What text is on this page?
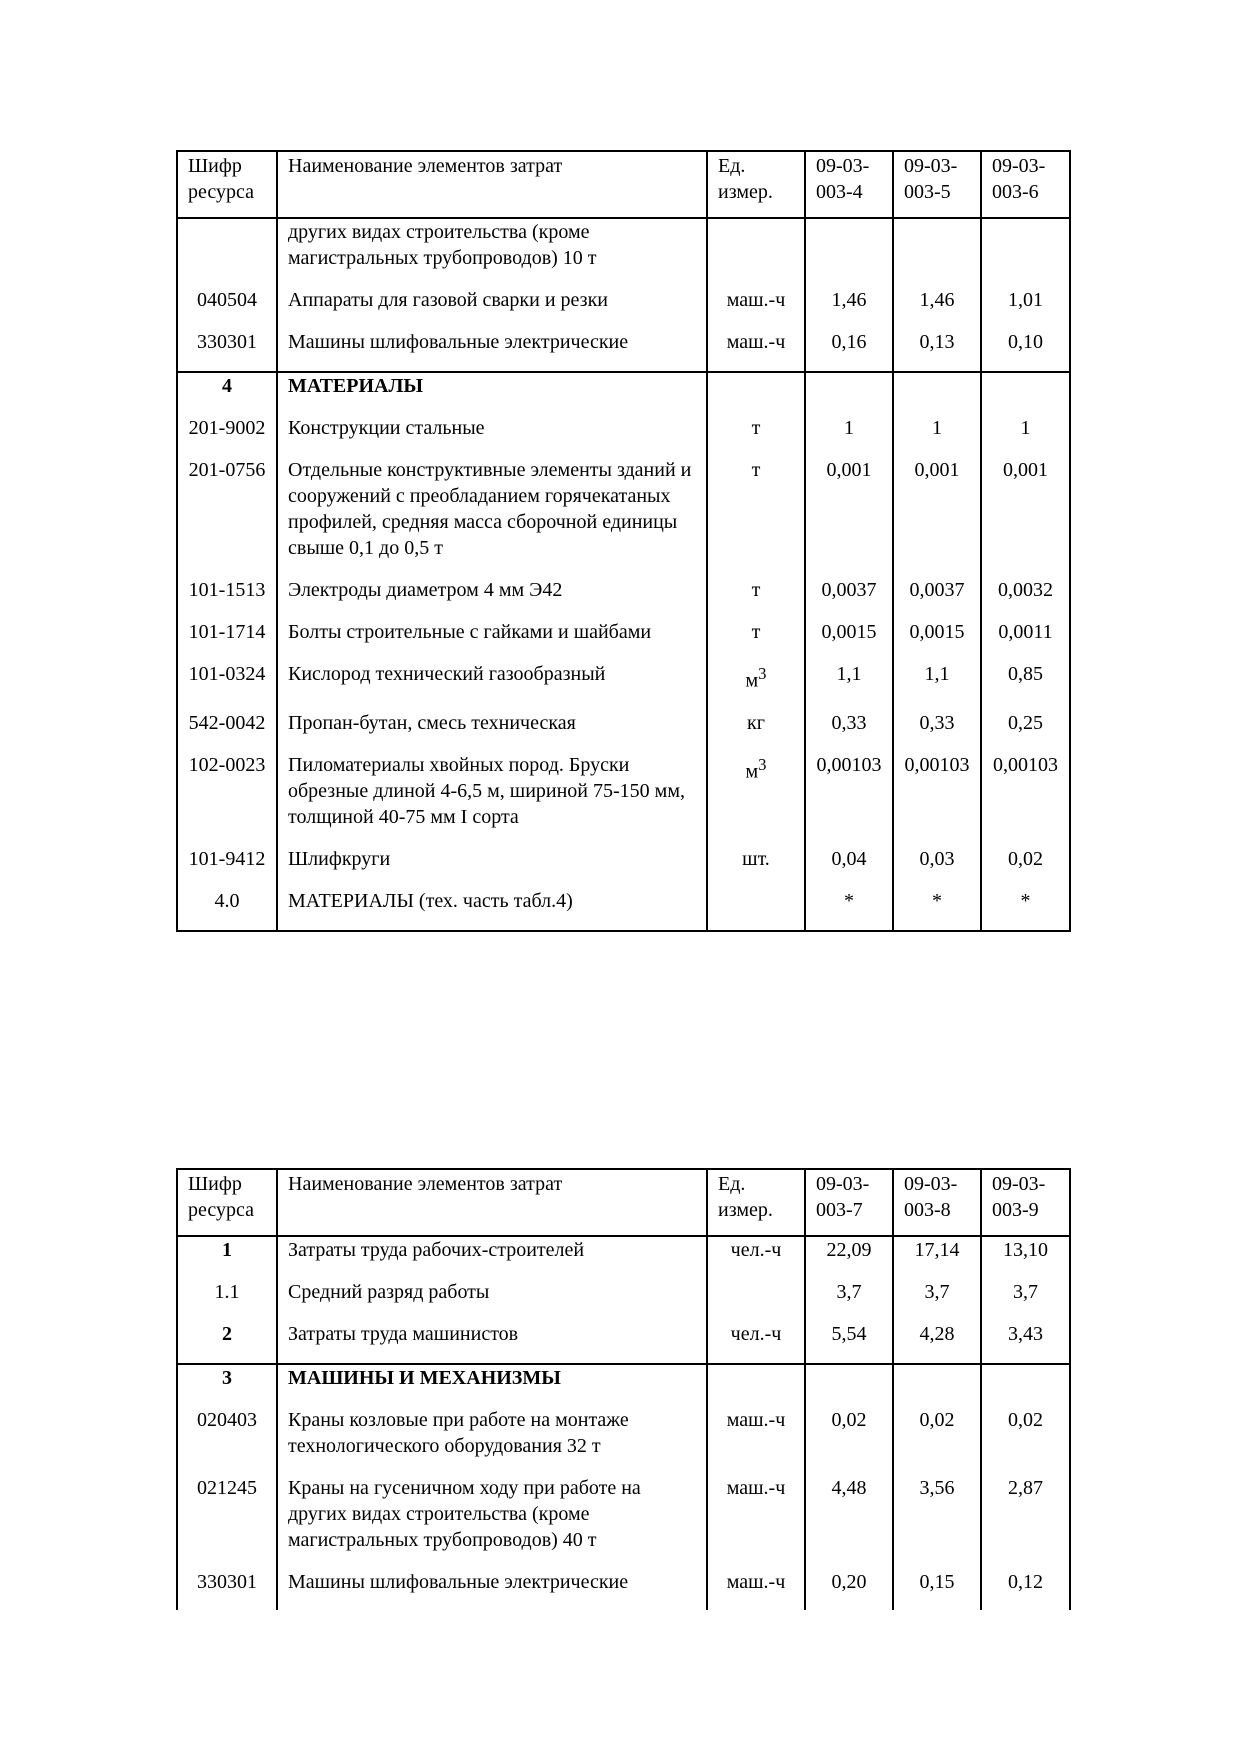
Шифр ресурса	Наименование элементов затрат	Ед. измер.	09-03-003-4	09-03-003-5	09-03-003-6
	других видах строительства (кроме магистральных трубопроводов) 10 т				
040504	Аппараты для газовой сварки и резки	маш.-ч	1,46	1,46	1,01
330301	Машины шлифовальные электрические	маш.-ч	0,16	0,13	0,10
4	МАТЕРИАЛЫ				
201-9002	Конструкции стальные	т	1	1	1
201-0756	Отдельные конструктивные элементы зданий и сооружений с преобладанием горячекатаных профилей, средняя масса сборочной единицы свыше 0,1 до 0,5 т	т	0,001	0,001	0,001
101-1513	Электроды диаметром 4 мм Э42	т	0,0037	0,0037	0,0032
101-1714	Болты строительные с гайками и шайбами	т	0,0015	0,0015	0,0011
101-0324	Кислород технический газообразный	$м^3$	1,1	1,1	0,85
542-0042	Пропан-бутан, смесь техническая	кг	0,33	0,33	0,25
102-0023	Пиломатериалы хвойных пород. Бруски обрезные длиной 4-6,5 м, шириной 75-150 мм, толщиной 40-75 мм I сорта	$м^3$	0,00103	0,00103	0,00103
101-9412	Шлифкруги	шт.	0,04	0,03	0,02
4.0	МАТЕРИАЛЫ (тех. часть табл.4)		*	*	*
Шифр ресурса	Наименование элементов затрат	Ед. измер.	09-03-003-7	09-03-003-8	09-03-003-9
1	Затраты труда рабочих-строителей	чел.-ч	22,09	17,14	13,10
1.1	Средний разряд работы		3,7	3,7	3,7
2	Затраты труда машинистов	чел.-ч	5,54	4,28	3,43
3	МАШИНЫ И МЕХАНИЗМЫ				
020403	Краны козловые при работе на монтаже технологического оборудования 32 т	маш.-ч	0,02	0,02	0,02
021245	Краны на гусеничном ходу при работе на других видах строительства (кроме магистральных трубопроводов) 40 т	маш.-ч	4,48	3,56	2,87
330301	Машины шлифовальные электрические	маш.-ч	0,20	0,15	0,12
